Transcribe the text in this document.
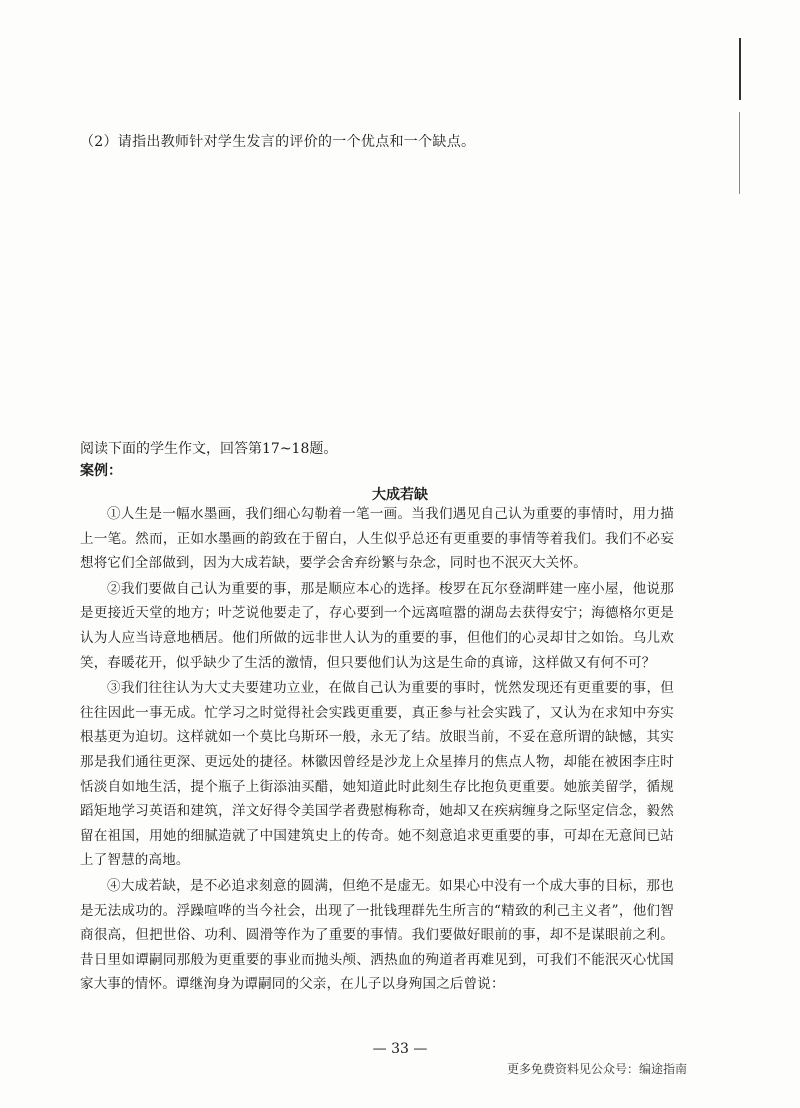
（2）请指出教师针对学生发言的评价的一个优点和一个缺点。
阅读下面的学生作文，回答第17~18题。
案例：
大成若缺

①人生是一幅水墨画，我们细心勾勒着一笔一画。当我们遇见自己认为重要的事情时，用力描上一笔。然而，正如水墨画的韵致在于留白，人生似乎总还有更重要的事情等着我们。我们不必妄想将它们全部做到，因为大成若缺，要学会舍弃纷繁与杂念，同时也不泯灭大关怀。

②我们要做自己认为重要的事，那是顺应本心的选择。梭罗在瓦尔登湖畔建一座小屋，他说那是更接近天堂的地方；叶芝说他要走了，存心要到一个远离喧嚣的湖岛去获得安宁；海德格尔更是认为人应当诗意地栖居。他们所做的远非世人认为的重要的事，但他们的心灵却甘之如饴。乌儿欢笑，春暖花开，似乎缺少了生活的激情，但只要他们认为这是生命的真谛，这样做又有何不可？

③我们往往认为大丈夫要建功立业，在做自己认为重要的事时，恍然发现还有更重要的事，但往往因此一事无成。忙学习之时觉得社会实践更重要，真正参与社会实践了，又认为在求知中夯实根基更为迫切。这样就如一个莫比乌斯环一般，永无了结。放眼当前，不妥在意所谓的缺憾，其实那是我们通往更深、更远处的捷径。林徽因曾经是沙龙上众星捧月的焦点人物，却能在被困李庄时恬淡自如地生活，提个瓶子上街添油买醋，她知道此时此刻生存比抱负更重要。她旅美留学，循规蹈矩地学习英语和建筑，洋文好得令美国学者费慰梅称奇，她却又在疾病缠身之际坚定信念，毅然留在祖国，用她的细腻造就了中国建筑史上的传奇。她不刻意追求更重要的事，可却在无意间已站上了智慧的高地。

④大成若缺，是不必追求刻意的圆满，但绝不是虚无。如果心中没有一个成大事的目标，那也是无法成功的。浮躁喧哗的当今社会，出现了一批钱理群先生所言的“精致的利己主义者”，他们智商很高，但把世俗、功利、圆滑等作为了重要的事情。我们要做好眼前的事，却不是谋眼前之利。昔日里如谭嗣同那般为更重要的事业而抛头颅、洒热血的殉道者再难见到，可我们不能泯灭心忧国家大事的情怀。谭继洵身为谭嗣同的父亲，在儿子以身殉国之后曾说：

— 33 —
更多免费资料见公众号：编途指南
